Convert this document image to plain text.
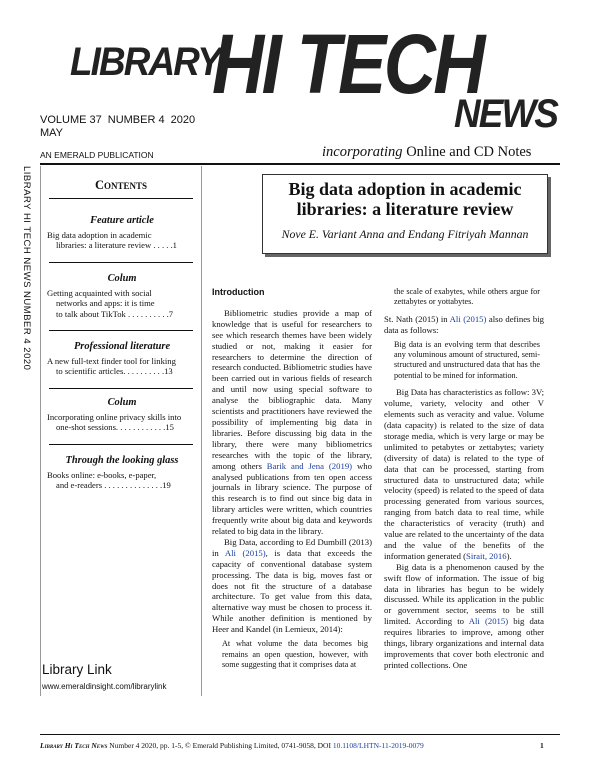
LIBRARY
HI TECH
NEWS
VOLUME 37 NUMBER 4 2020
MAY
AN EMERALD PUBLICATION	incorporating Online and CD Notes
LIBRARY HI TECH NEWS NUMBER 4 2020	Contents
Feature article
Big data adoption in academic
libraries: a literature review . . . . .1
Colum
Getting acquainted with social
networks and apps: it is time
to talk about TikTok . . . . . . . . . .7
Professional literature
A new full-text finder tool for linking
to scientific articles. . . . . . . . . .13
Colum
Incorporating online privacy skills into
one-shot sessions. . . . . . . . . . . .15
Through the looking glass
Books online: e-books, e-paper,
and e-readers . . . . . . . . . . . . . .19
Library Link
www.emeraldinsight.com/librarylink
Big data adoption in academic libraries: a literature review
Nove E. Variant Anna and Endang Fitriyah Mannan

Introduction

Bibliometric studies provide a map of knowledge that is useful for researchers to see which research themes have been widely studied or not, making it easier for researchers to determine the direction of research conducted. Bibliometric studies have been carried out in various fields of research and until now using special software to analyse the bibliographic data. Many scientists and practitioners have reviewed the possibility of implementing big data in libraries. Before discussing big data in the library, there were many bibliometrics researches with the topic of the library, among others Barik and Jena (2019) who analysed publications from ten open access journals in library science. The purpose of this research is to find out since big data in library articles were written, which countries frequently write about big data and keywords related to big data in the library.

Big Data, according to Ed Dumbill (2013) in Ali (2015), is data that exceeds the capacity of conventional database system processing. The data is big, moves fast or does not fit the structure of a database architecture. To get value from this data, alternative way must be chosen to process it. While another definition is mentioned by Heer and Kandel (in Lemieux, 2014):

At what volume the data becomes big remains an open question, however, with some suggesting that it comprises data at

the scale of exabytes, while others argue for zettabytes or yottabytes.

St. Nath (2015) in Ali (2015) also defines big data as follows:

Big data is an evolving term that describes any voluminous amount of structured, semi-structured and unstructured data that has the potential to be mined for information.

Big Data has characteristics as follow: 3V; volume, variety, velocity and other V elements such as veracity and value. Volume (data capacity) is related to the size of data storage media, which is very large or may be unlimited to petabytes or zettabytes; variety (diversity of data) is related to the type of data that can be processed, starting from structured data to unstructured data; while velocity (speed) is related to the speed of data processing generated from various sources, ranging from batch data to real time, while the characteristics of veracity (truth) and value are related to the uncertainty of the data and the value of the benefits of the information generated (Sirait, 2016).

Big data is a phenomenon caused by the swift flow of information. The issue of big data in libraries has begun to be widely discussed. While its application in the public or government sector, seems to be still limited. According to Ali (2015) big data requires libraries to improve, among other things, library organizations and internal data improvements that cover both electronic and printed collections. One

Library Hi Tech News Number 4 2020, pp. 1-5, © Emerald Publishing Limited, 0741-9058, DOI 10.1108/LHTN-11-2019-0079	1
